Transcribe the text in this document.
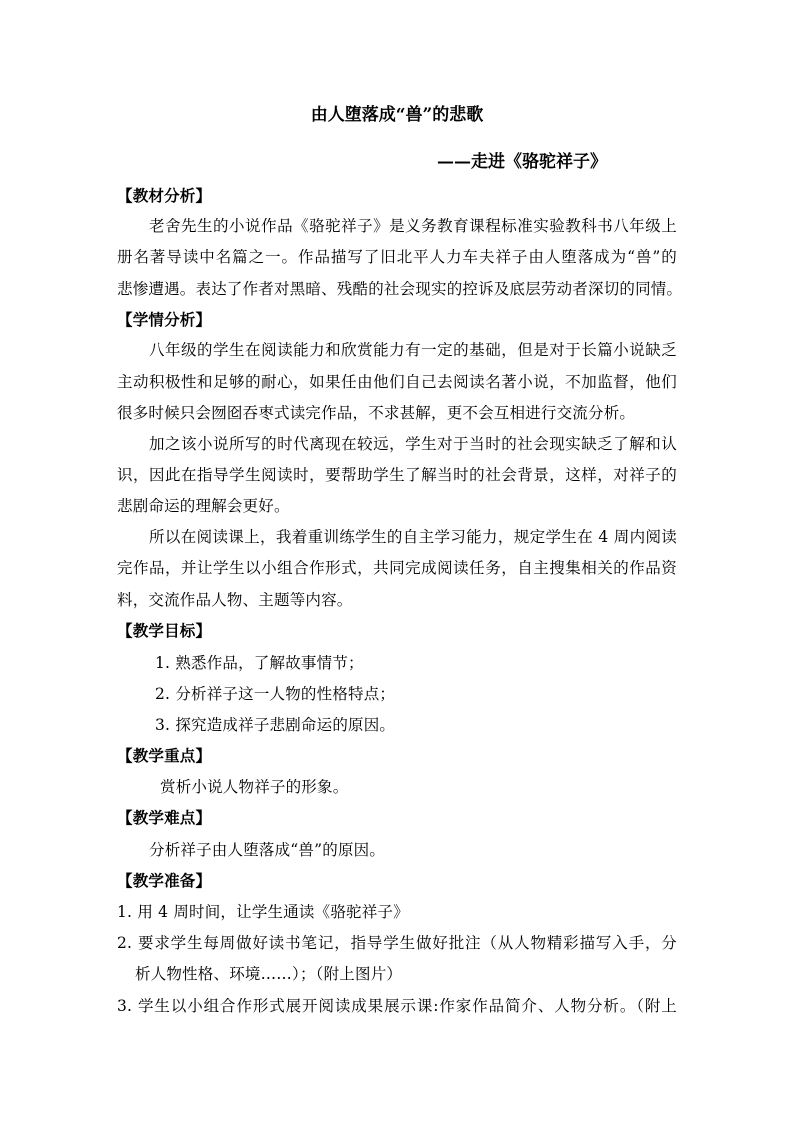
由人堕落成“兽”的悲歌
——走进《骆驼祥子》
【教材分析】
老舍先生的小说作品《骆驼祥子》是义务教育课程标准实验教科书八年级上
册名著导读中名篇之一。作品描写了旧北平人力车夫祥子由人堕落成为“兽”的
悲惨遭遇。表达了作者对黑暗、残酷的社会现实的控诉及底层劳动者深切的同情。
【学情分析】
八年级的学生在阅读能力和欣赏能力有一定的基础，但是对于长篇小说缺乏
主动积极性和足够的耐心，如果任由他们自己去阅读名著小说，不加监督，他们
很多时候只会囫囵吞枣式读完作品，不求甚解，更不会互相进行交流分析。
加之该小说所写的时代离现在较远，学生对于当时的社会现实缺乏了解和认
识，因此在指导学生阅读时，要帮助学生了解当时的社会背景，这样，对祥子的
悲剧命运的理解会更好。
所以在阅读课上，我着重训练学生的自主学习能力，规定学生在 4 周内阅读
完作品，并让学生以小组合作形式，共同完成阅读任务，自主搜集相关的作品资
料，交流作品人物、主题等内容。
【教学目标】
1. 熟悉作品，了解故事情节；
2. 分析祥子这一人物的性格特点；
3. 探究造成祥子悲剧命运的原因。
【教学重点】
赏析小说人物祥子的形象。
【教学难点】
分析祥子由人堕落成“兽”的原因。
【教学准备】
1. 用 4 周时间，让学生通读《骆驼祥子》
2. 要求学生每周做好读书笔记，指导学生做好批注（从人物精彩描写入手，分
析人物性格、环境……）；（附上图片）
3. 学生以小组合作形式展开阅读成果展示课:作家作品简介、人物分析。（附上
